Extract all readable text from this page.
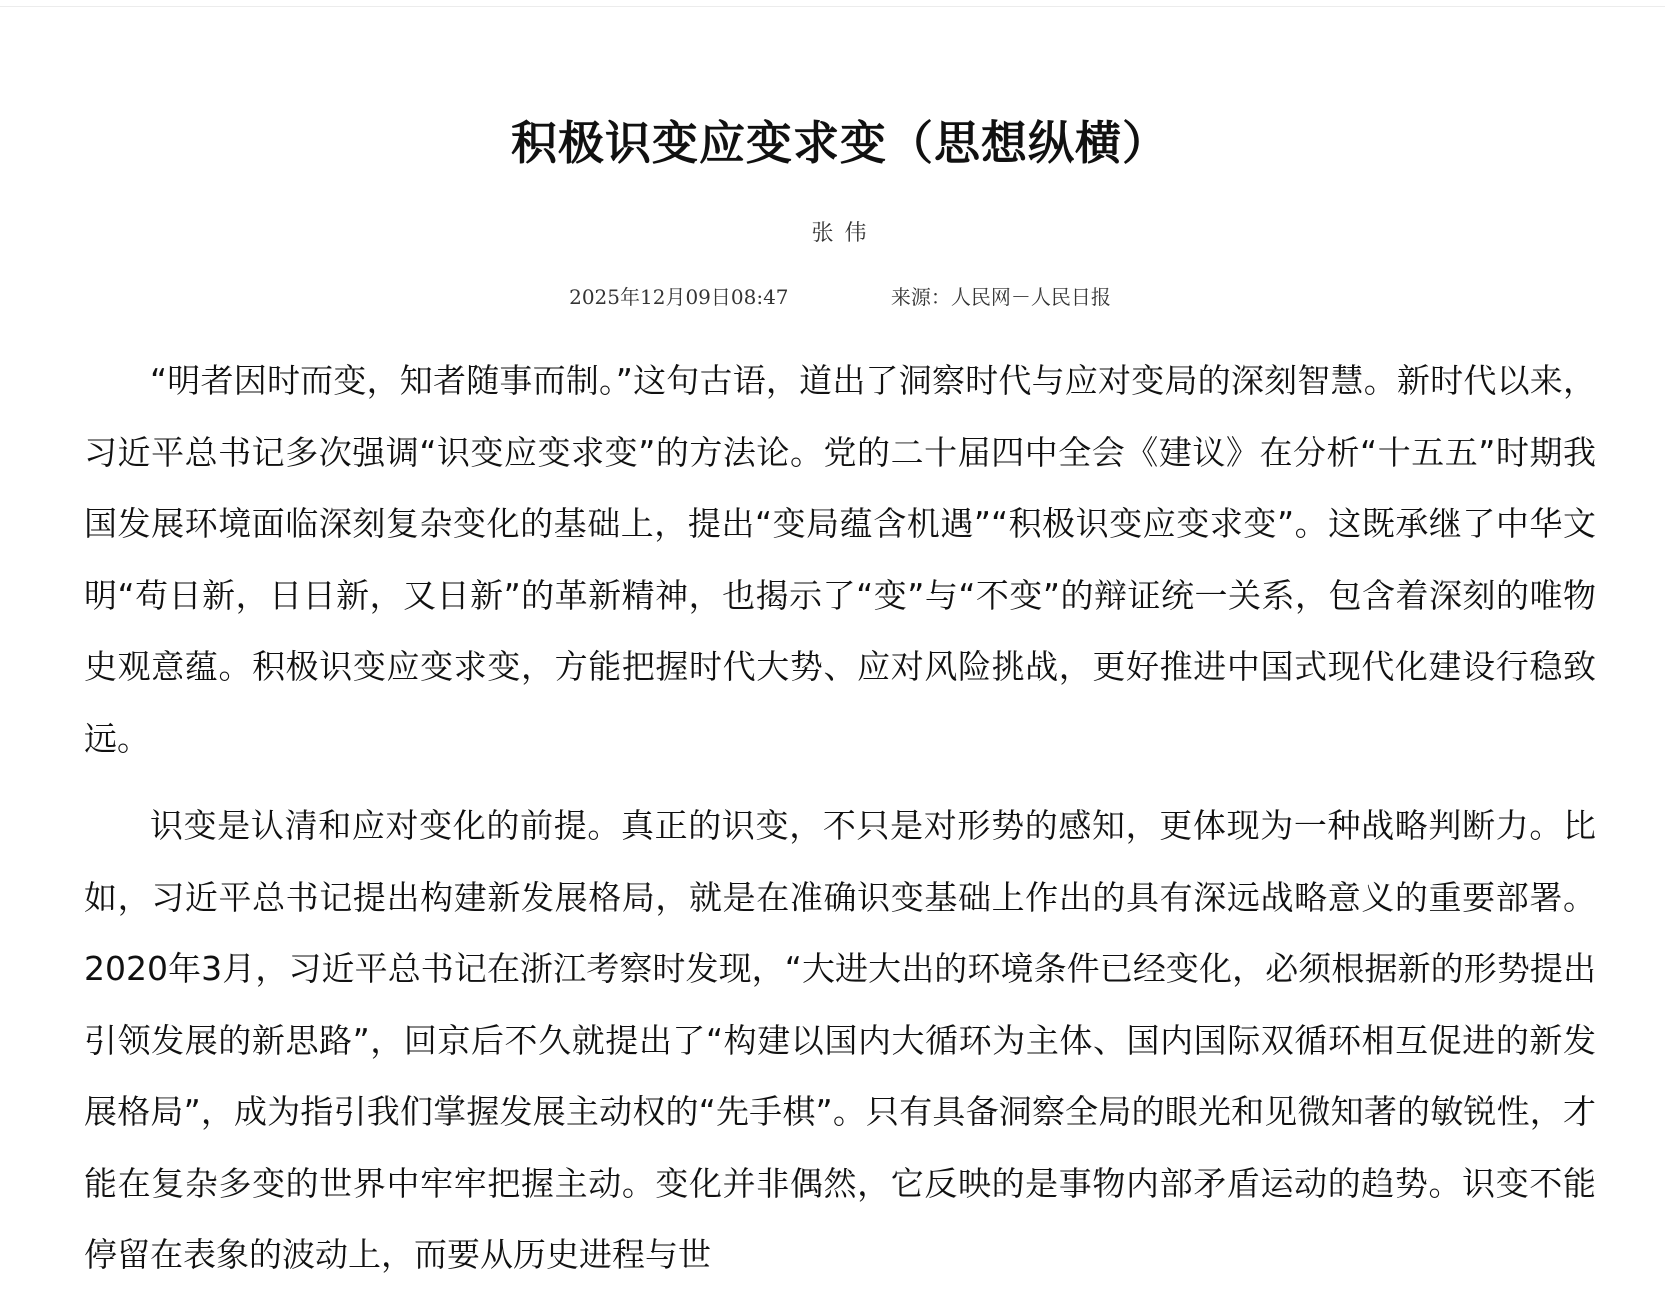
积极识变应变求变（思想纵横）
张 伟
2025年12月09日08:47	来源：人民网－人民日报

“明者因时而变，知者随事而制。”这句古语，道出了洞察时代与应对变局的深刻智慧。新时代以来，习近平总书记多次强调“识变应变求变”的方法论。党的二十届四中全会《建议》在分析“十五五”时期我国发展环境面临深刻复杂变化的基础上，提出“变局蕴含机遇”“积极识变应变求变”。这既承继了中华文明“苟日新，日日新，又日新”的革新精神，也揭示了“变”与“不变”的辩证统一关系，包含着深刻的唯物史观意蕴。积极识变应变求变，方能把握时代大势、应对风险挑战，更好推进中国式现代化建设行稳致远。

识变是认清和应对变化的前提。真正的识变，不只是对形势的感知，更体现为一种战略判断力。比如，习近平总书记提出构建新发展格局，就是在准确识变基础上作出的具有深远战略意义的重要部署。2020年3月，习近平总书记在浙江考察时发现，“大进大出的环境条件已经变化，必须根据新的形势提出引领发展的新思路”，回京后不久就提出了“构建以国内大循环为主体、国内国际双循环相互促进的新发展格局”，成为指引我们掌握发展主动权的“先手棋”。只有具备洞察全局的眼光和见微知著的敏锐性，才能在复杂多变的世界中牢牢把握主动。变化并非偶然，它反映的是事物内部矛盾运动的趋势。识变不能停留在表象的波动上，而要从历史进程与世
